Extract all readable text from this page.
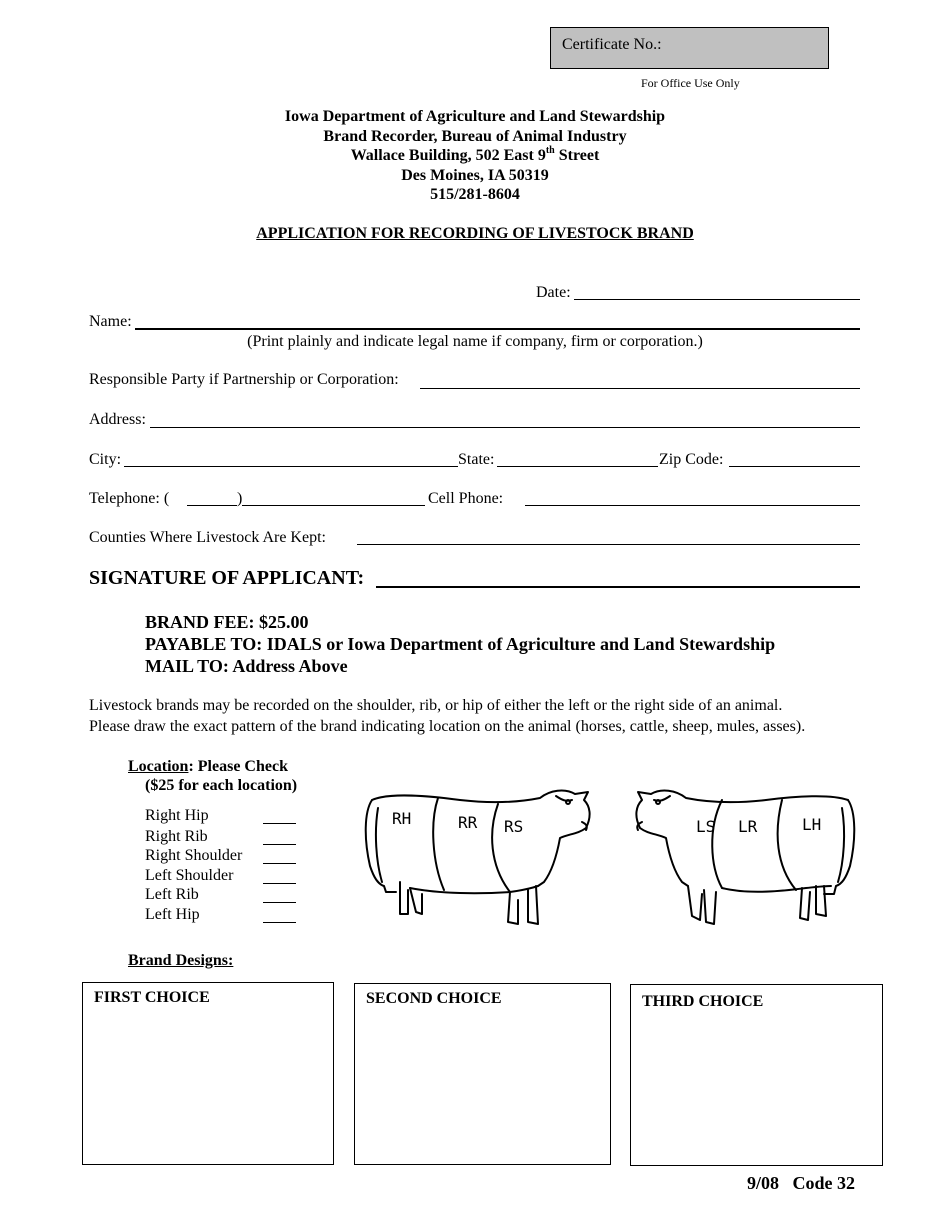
Certificate No.:
For Office Use Only
Iowa Department of Agriculture and Land Stewardship
Brand Recorder, Bureau of Animal Industry
Wallace Building, 502 East 9th Street
Des Moines, IA 50319
515/281-8604
APPLICATION FOR RECORDING OF LIVESTOCK BRAND
Date:
Name:
(Print plainly and indicate legal name if company, firm or corporation.)
Responsible Party if Partnership or Corporation:
Address:
City:	State:	Zip Code:
Telephone: (	)	Cell Phone:
Counties Where Livestock Are Kept:
SIGNATURE OF APPLICANT:
BRAND FEE: $25.00
PAYABLE TO: IDALS or Iowa Department of Agriculture and Land Stewardship
MAIL TO: Address Above
Livestock brands may be recorded on the shoulder, rib, or hip of either the left or the right side of an animal.
Please draw the exact pattern of the brand indicating location on the animal (horses, cattle, sheep, mules, asses).
Location: Please Check
($25 for each location)
Right Hip
Right Rib
Right Shoulder
Left Shoulder
Left Rib
Left Hip
RH	RR RS	LS LR	LH
Brand Designs:
FIRST CHOICE	SECOND CHOICE	THIRD CHOICE
9/08   Code 32
